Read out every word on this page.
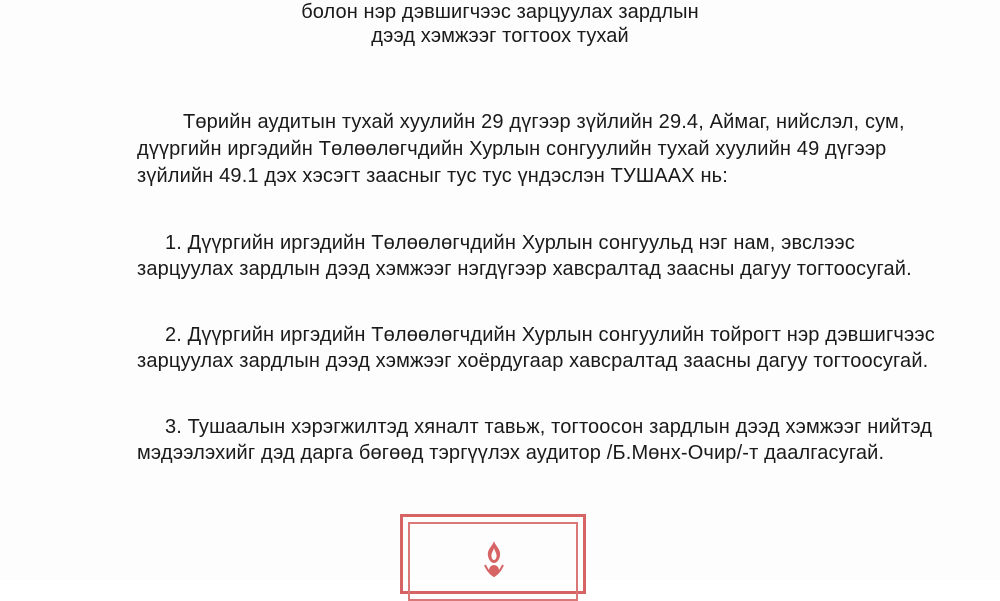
болон нэр дэвшигчээс зарцуулах зардлын
дээд хэмжээг тогтоох тухай
Төрийн аудитын тухай хуулийн 29 дүгээр зүйлийн 29.4, Аймаг, нийслэл, сум,
дүүргийн иргэдийн Төлөөлөгчдийн Хурлын сонгуулийн тухай хуулийн 49 дүгээр
зүйлийн 49.1 дэх хэсэгт заасныг тус тус үндэслэн ТУШААХ нь:
1. Дүүргийн иргэдийн Төлөөлөгчдийн Хурлын сонгуульд нэг нам, эвслээс
зарцуулах зардлын дээд хэмжээг нэгдүгээр хавсралтад заасны дагуу тогтоосугай.
2. Дүүргийн иргэдийн Төлөөлөгчдийн Хурлын сонгуулийн тойрогт нэр дэвшигчээс
зарцуулах зардлын дээд хэмжээг хоёрдугаар хавсралтад заасны дагуу тогтоосугай.
3. Тушаалын хэрэгжилтэд хяналт тавьж, тогтоосон зардлын дээд хэмжээг нийтэд
мэдээлэхийг дэд дарга бөгөөд тэргүүлэх аудитор /Б.Мөнх-Очир/-т даалгасугай.
